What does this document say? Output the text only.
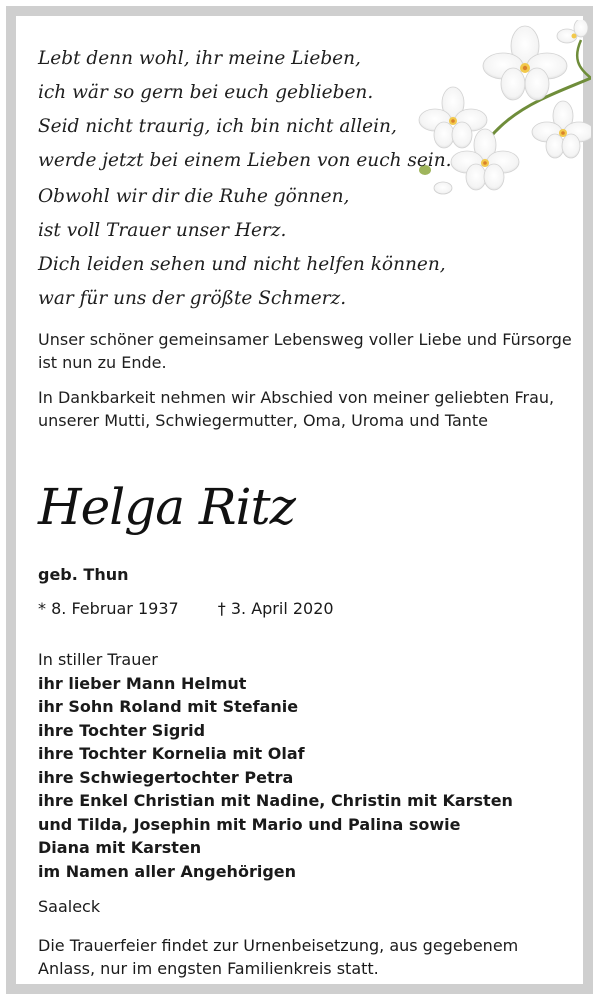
Lebt denn wohl, ihr meine Lieben,
ich wär so gern bei euch geblieben.
Seid nicht traurig, ich bin nicht allein,
werde jetzt bei einem Lieben von euch sein.
Obwohl wir dir die Ruhe gönnen,
ist voll Trauer unser Herz.
Dich leiden sehen und nicht helfen können,
war für uns der größte Schmerz.

Unser schöner gemeinsamer Lebensweg voller Liebe und Fürsorge ist nun zu Ende.

In Dankbarkeit nehmen wir Abschied von meiner geliebten Frau, unserer Mutti, Schwiegermutter, Oma, Uroma und Tante

Helga Ritz
geb. Thun
* 8. Februar 1937 † 3. April 2020
In stiller Trauer
ihr lieber Mann Helmut
ihr Sohn Roland mit Stefanie
ihre Tochter Sigrid
ihre Tochter Kornelia mit Olaf
ihre Schwiegertochter Petra
ihre Enkel Christian mit Nadine, Christin mit Karsten
und Tilda, Josephin mit Mario und Palina sowie
Diana mit Karsten
im Namen aller Angehörigen
Saaleck

Die Trauerfeier findet zur Urnenbeisetzung, aus gegebenem Anlass, nur im engsten Familienkreis statt.
